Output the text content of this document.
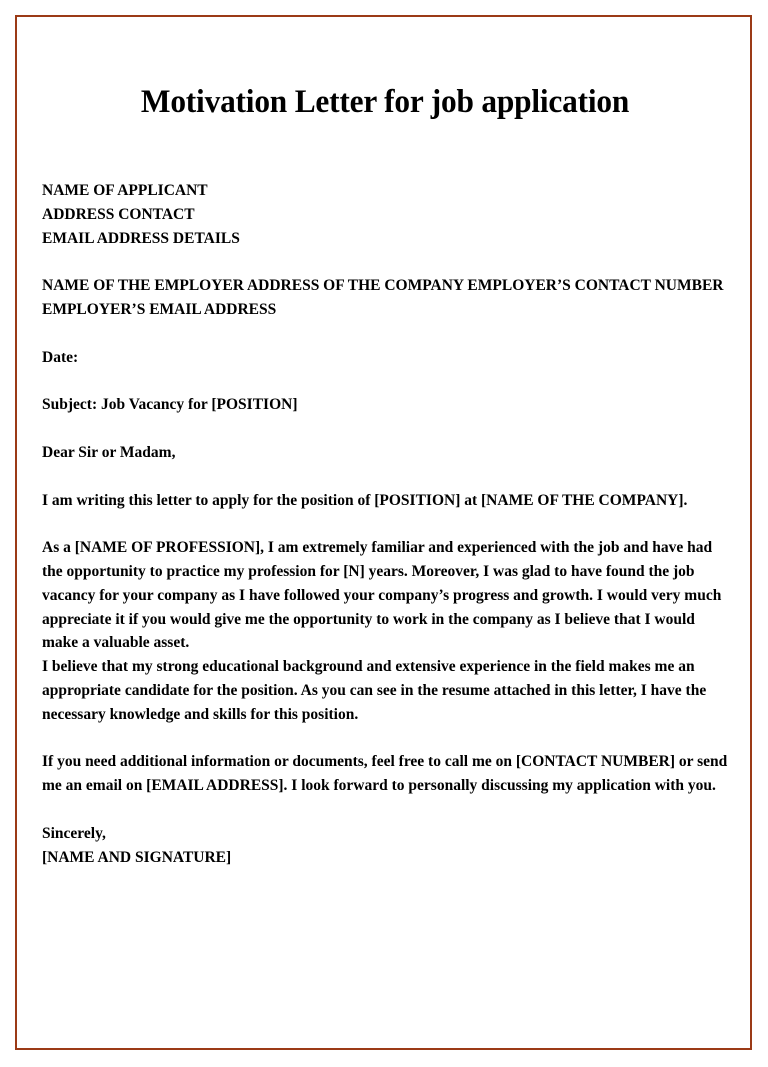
Motivation Letter for job application
NAME OF APPLICANT
ADDRESS CONTACT
EMAIL ADDRESS DETAILS
NAME OF THE EMPLOYER ADDRESS OF THE COMPANY EMPLOYER’S CONTACT NUMBER EMPLOYER’S EMAIL ADDRESS
Date:
Subject: Job Vacancy for [POSITION]
Dear Sir or Madam,
I am writing this letter to apply for the position of [POSITION] at [NAME OF THE COMPANY].
As a [NAME OF PROFESSION], I am extremely familiar and experienced with the job and have had the opportunity to practice my profession for [N] years. Moreover, I was glad to have found the job vacancy for your company as I have followed your company’s progress and growth. I would very much appreciate it if you would give me the opportunity to work in the company as I believe that I would make a valuable asset.
I believe that my strong educational background and extensive experience in the field makes me an appropriate candidate for the position. As you can see in the resume attached in this letter, I have the necessary knowledge and skills for this position.
If you need additional information or documents, feel free to call me on [CONTACT NUMBER] or send me an email on [EMAIL ADDRESS]. I look forward to personally discussing my application with you.
Sincerely,
[NAME AND SIGNATURE]
